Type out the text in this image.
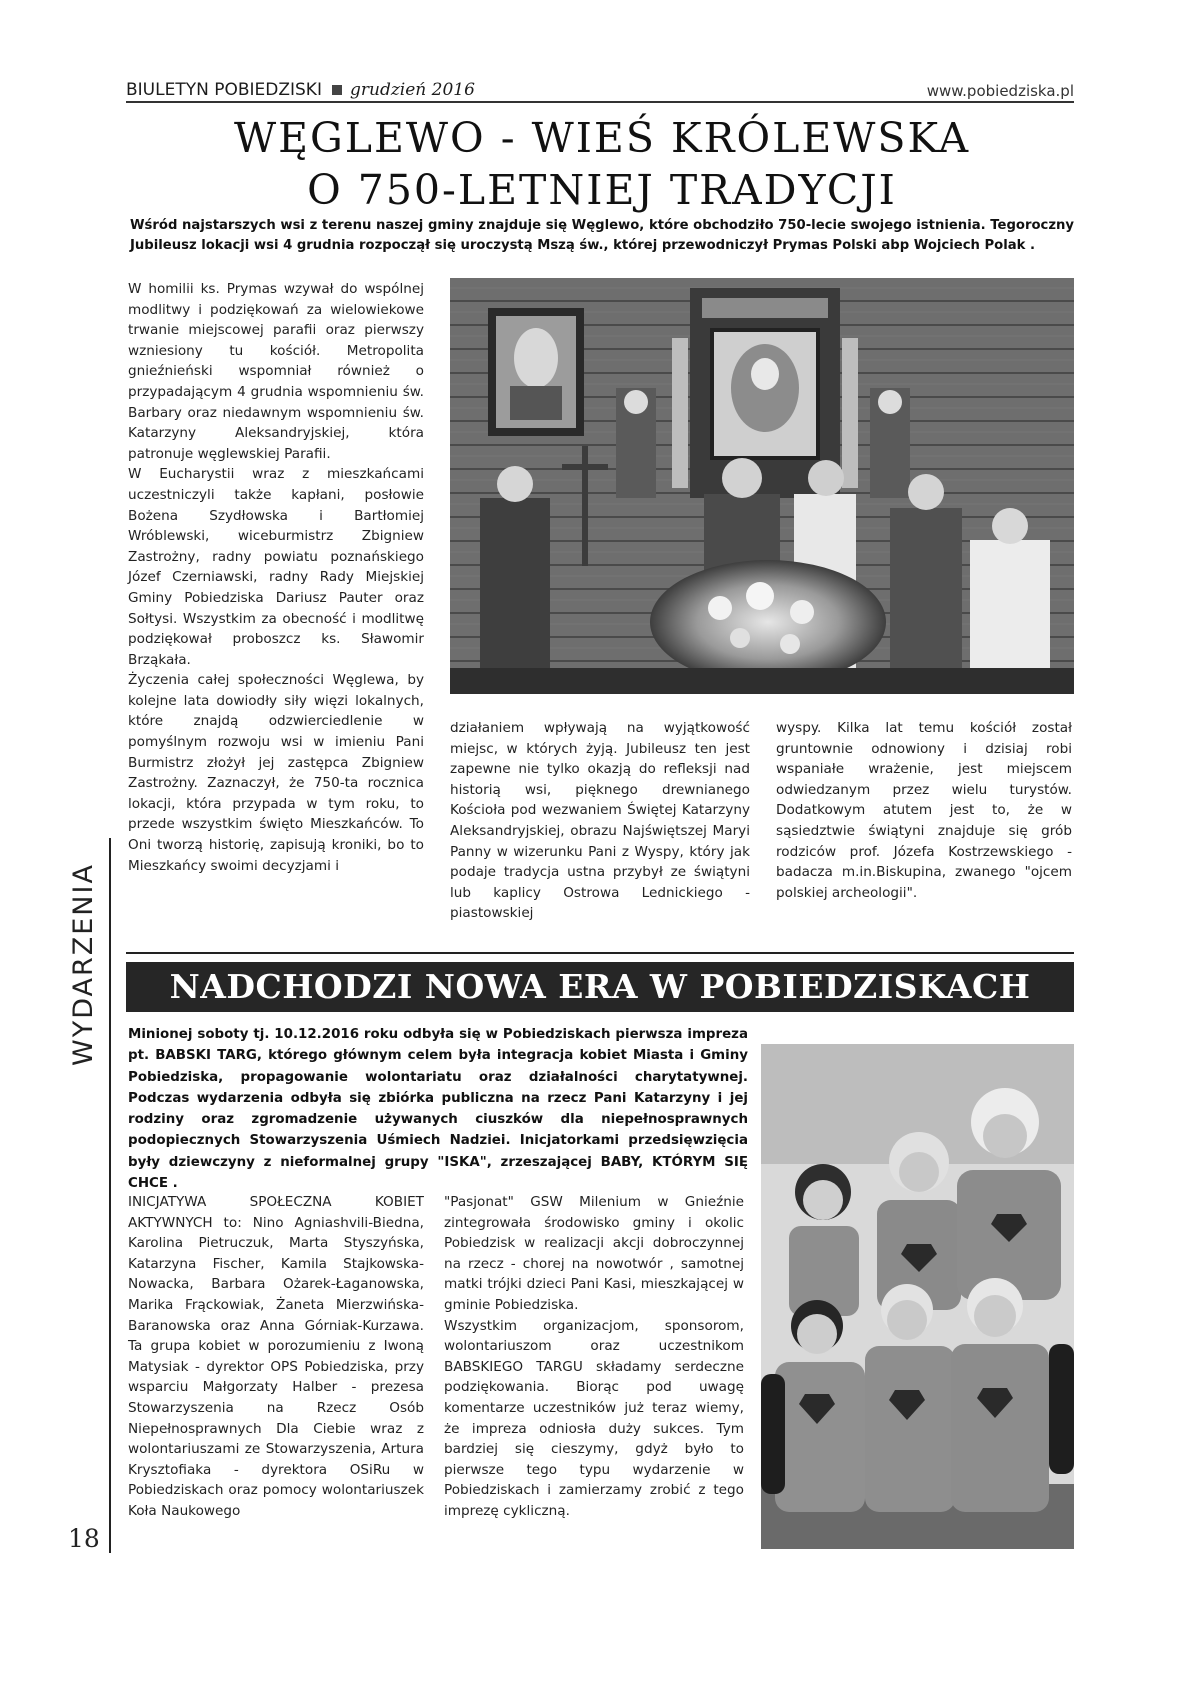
BIULETYN POBIEDZISKI grudzień 2016	www.pobiedziska.pl
WĘGLEWO - WIEŚ KRÓLEWSKA
O 750-LETNIEJ TRADYCJI
Wśród najstarszych wsi z terenu naszej gminy znajduje się Węglewo, które obchodziło 750-lecie swojego istnienia. Tegoroczny Jubileusz lokacji wsi 4 grudnia rozpoczął się uroczystą Mszą św., której przewodniczył Prymas Polski abp Wojciech Polak .

W homilii ks. Prymas wzywał do wspólnej modlitwy i podziękowań za wielowiekowe trwanie miejscowej parafii oraz pierwszy wzniesiony tu kościół. Metropolita gnieźnieński wspomniał również o przypadającym 4 grudnia wspomnieniu św. Barbary oraz niedawnym wspomnieniu św. Katarzyny Aleksandryjskiej, która patronuje węglewskiej Parafii.

W Eucharystii wraz z mieszkańcami uczestniczyli także kapłani, posłowie Bożena Szydłowska i Bartłomiej Wróblewski, wiceburmistrz Zbigniew Zastrożny, radny powiatu poznańskiego Józef Czerniawski, radny Rady Miejskiej Gminy Pobiedziska Dariusz Pauter oraz Sołtysi. Wszystkim za obecność i modlitwę podziękował proboszcz ks. Sławomir Brząkała.

Życzenia całej społeczności Węglewa, by kolejne lata dowiodły siły więzi lokalnych, które znajdą odzwierciedlenie w pomyślnym rozwoju wsi w imieniu Pani Burmistrz złożył jej zastępca Zbigniew Zastrożny. Zaznaczył, że 750-ta rocznica lokacji, która przypada w tym roku, to przede wszystkim święto Mieszkańców. To Oni tworzą historię, zapisują kroniki, bo to Mieszkańcy swoimi decyzjami i

działaniem wpływają na wyjątkowość miejsc, w których żyją. Jubileusz ten jest zapewne nie tylko okazją do refleksji nad historią wsi, pięknego drewnianego Kościoła pod wezwaniem Świętej Katarzyny Aleksandryjskiej, obrazu Najświętszej Maryi Panny w wizerunku Pani z Wyspy, który jak podaje tradycja ustna przybył ze świątyni lub kaplicy Ostrowa Lednickiego - piastowskiej
wyspy. Kilka lat temu kościół został gruntownie odnowiony i dzisiaj robi wspaniałe wrażenie, jest miejscem odwiedzanym przez wielu turystów. Dodatkowym atutem jest to, że w sąsiedztwie świątyni znajduje się grób rodziców prof. Józefa Kostrzewskiego - badacza m.in.Biskupina, zwanego "ojcem polskiej archeologii".
WYDARZENIA
18
NADCHODZI NOWA ERA W POBIEDZISKACH
Minionej soboty tj. 10.12.2016 roku odbyła się w Pobiedziskach pierwsza impreza pt. BABSKI TARG, którego głównym celem była integracja kobiet Miasta i Gminy Pobiedziska, propagowanie wolontariatu oraz działalności charytatywnej. Podczas wydarzenia odbyła się zbiórka publiczna na rzecz Pani Katarzyny i jej rodziny oraz zgromadzenie używanych ciuszków dla niepełnosprawnych podopiecznych Stowarzyszenia Uśmiech Nadziei. Inicjatorkami przedsięwzięcia były dziewczyny z nieformalnej grupy "ISKA", zrzeszającej BABY, KTÓRYM SIĘ CHCE .
INICJATYWA SPOŁECZNA KOBIET AKTYWNYCH to: Nino Agniashvili-Biedna, Karolina Pietruczuk, Marta Styszyńska, Katarzyna Fischer, Kamila Stajkowska-Nowacka, Barbara Ożarek-Łaganowska, Marika Frąckowiak, Żaneta Mierzwińska-Baranowska oraz Anna Górniak-Kurzawa. Ta grupa kobiet w porozumieniu z Iwoną Matysiak - dyrektor OPS Pobiedziska, przy wsparciu Małgorzaty Halber - prezesa Stowarzyszenia na Rzecz Osób Niepełnosprawnych Dla Ciebie wraz z wolontariuszami ze Stowarzyszenia, Artura Krysztofiaka - dyrektora OSiRu w Pobiedziskach oraz pomocy wolontariuszek Koła Naukowego

"Pasjonat" GSW Milenium w Gnieźnie zintegrowała środowisko gminy i okolic Pobiedzisk w realizacji akcji dobroczynnej na rzecz - chorej na nowotwór , samotnej matki trójki dzieci Pani Kasi, mieszkającej w gminie Pobiedziska.

Wszystkim organizacjom, sponsorom, wolontariuszom oraz uczestnikom BABSKIEGO TARGU składamy serdeczne podziękowania. Biorąc pod uwagę komentarze uczestników już teraz wiemy, że impreza odniosła duży sukces. Tym bardziej się cieszymy, gdyż było to pierwsze tego typu wydarzenie w Pobiedziskach i zamierzamy zrobić z tego imprezę cykliczną.
